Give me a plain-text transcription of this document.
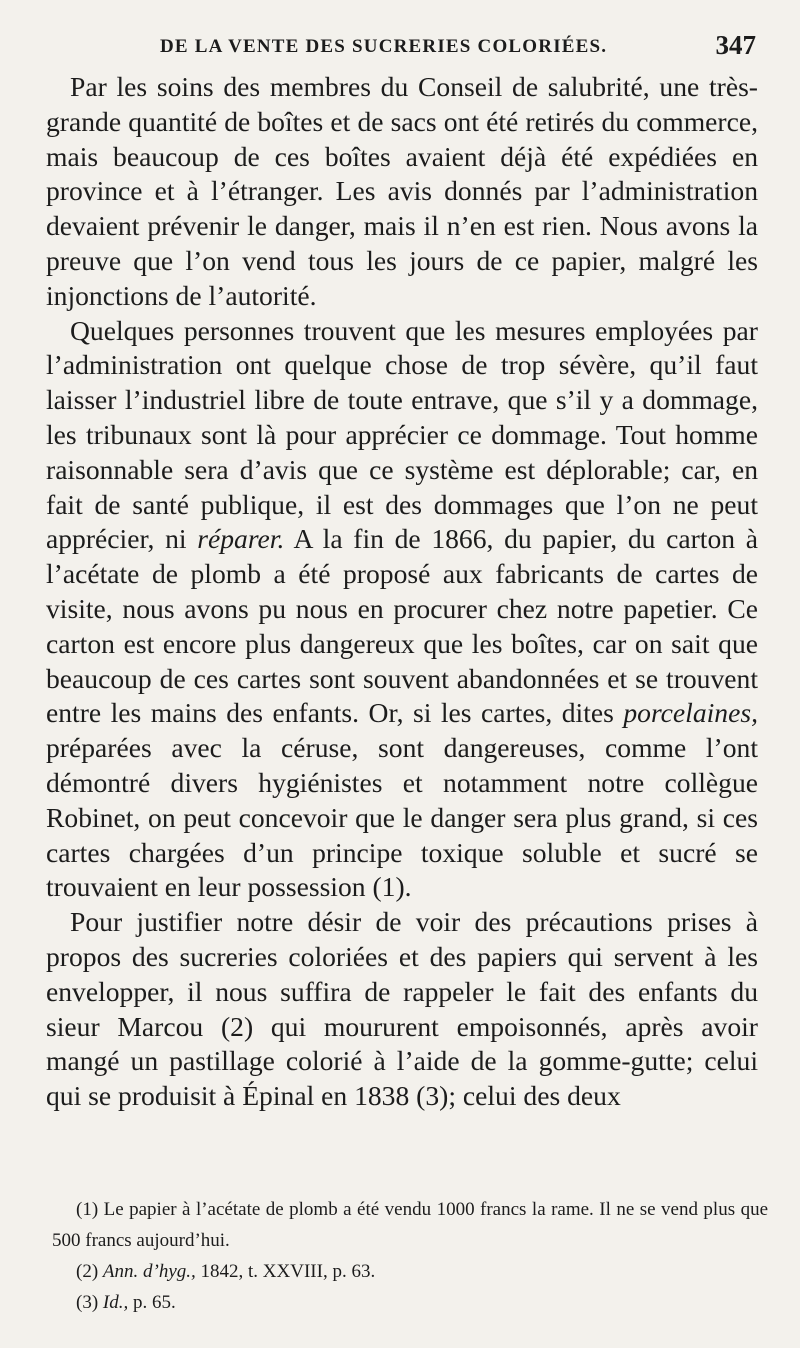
DE LA VENTE DES SUCRERIES COLORIÉES.	347

Par les soins des membres du Conseil de salubrité, une très-grande quantité de boîtes et de sacs ont été retirés du commerce, mais beaucoup de ces boîtes avaient déjà été expédiées en province et à l’étranger. Les avis donnés par l’administration devaient prévenir le danger, mais il n’en est rien. Nous avons la preuve que l’on vend tous les jours de ce papier, malgré les injonctions de l’autorité.

Quelques personnes trouvent que les mesures employées par l’administration ont quelque chose de trop sévère, qu’il faut laisser l’industriel libre de toute entrave, que s’il y a dommage, les tribunaux sont là pour apprécier ce dommage. Tout homme raisonnable sera d’avis que ce système est déplorable; car, en fait de santé publique, il est des dommages que l’on ne peut apprécier, ni réparer. A la fin de 1866, du papier, du carton à l’acétate de plomb a été proposé aux fabricants de cartes de visite, nous avons pu nous en procurer chez notre papetier. Ce carton est encore plus dangereux que les boîtes, car on sait que beaucoup de ces cartes sont souvent abandonnées et se trouvent entre les mains des enfants. Or, si les cartes, dites porcelaines, préparées avec la céruse, sont dangereuses, comme l’ont démontré divers hygiénistes et notamment notre collègue Robinet, on peut concevoir que le danger sera plus grand, si ces cartes chargées d’un principe toxique soluble et sucré se trouvaient en leur possession (1).

Pour justifier notre désir de voir des précautions prises à propos des sucreries coloriées et des papiers qui servent à les envelopper, il nous suffira de rappeler le fait des enfants du sieur Marcou (2) qui moururent empoisonnés, après avoir mangé un pastillage colorié à l’aide de la gomme-gutte; celui qui se produisit à Épinal en 1838 (3); celui des deux

(1) Le papier à l’acétate de plomb a été vendu 1000 francs la rame. Il ne se vend plus que 500 francs aujourd’hui.

(2) Ann. d’hyg., 1842, t. XXVIII, p. 63.

(3) Id., p. 65.
